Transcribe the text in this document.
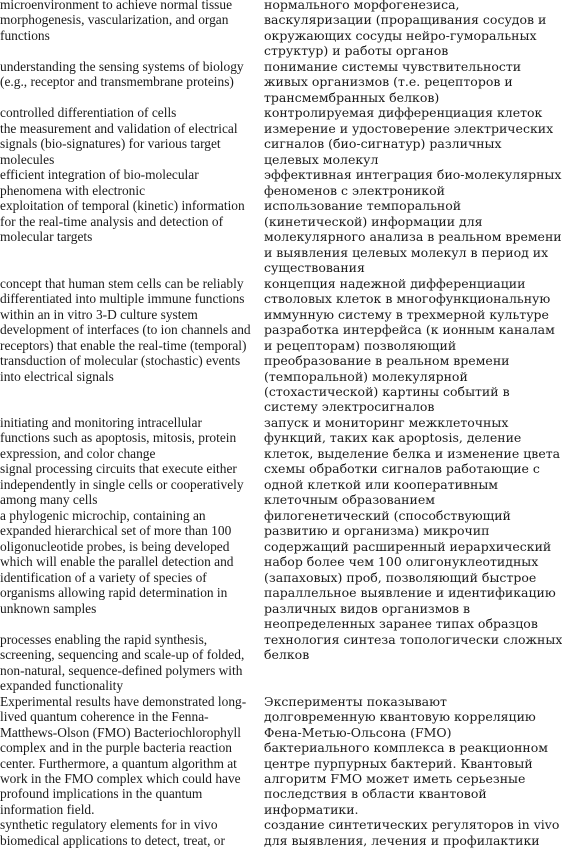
microenvironment to achieve normal tissue
morphogenesis, vascularization, and organ
functions
understanding the sensing systems of biology
(e.g., receptor and transmembrane proteins)
controlled differentiation of cells
the measurement and validation of electrical
signals (bio-signatures) for various target
molecules
efficient integration of bio-molecular
phenomena with electronic
exploitation of temporal (kinetic) information
for the real-time analysis and detection of
molecular targets
concept that human stem cells can be reliably
differentiated into multiple immune functions
within an in vitro 3-D culture system
development of interfaces (to ion channels and
receptors) that enable the real-time (temporal)
transduction of molecular (stochastic) events
into electrical signals
initiating and monitoring intracellular
functions such as apoptosis, mitosis, protein
expression, and color change
signal processing circuits that execute either
independently in single cells or cooperatively
among many cells
a phylogenic microchip, containing an
expanded hierarchical set of more than 100
oligonucleotide probes, is being developed
which will enable the parallel detection and
identification of a variety of species of
organisms allowing rapid determination in
unknown samples
processes enabling the rapid synthesis,
screening, sequencing and scale-up of folded,
non-natural, sequence-defined polymers with
expanded functionality
Experimental results have demonstrated long-
lived quantum coherence in the Fenna-
Matthews-Olson (FMO) Bacteriochlorophyll
complex and in the purple bacteria reaction
center. Furthermore, a quantum algorithm at
work in the FMO complex which could have
profound implications in the quantum
information field.
synthetic regulatory elements for in vivo
biomedical applications to detect, treat, or
нормального морфогенезиса,
васкуляризации (проращивания сосудов и
окружающих сосуды нейро-гуморальных
структур) и работы органов
понимание системы чувствительности
живых организмов (т.е. рецепторов и
трансмембранных белков)
контролируемая дифференциация клеток
измерение и удостоверение электрических
сигналов (био-сигнатур) различных
целевых молекул
эффективная интеграция био-молекулярных
феноменов с электроникой
использование темпоральной
(кинетической) информации для
молекулярного анализа в реальном времени
и выявления целевых молекул в период их
существования
концепция надежной дифференциации
стволовых клеток в многофункциональную
иммунную систему в трехмерной культуре
разработка интерфейса (к ионным каналам
и рецепторам) позволяющий
преобразование в реальном времени
(темпоральной) молекулярной
(стохастической) картины событий в
систему электросигналов
запуск и мониторинг межклеточных
функций, таких как apoptosis, деление
клеток, выделение белка и изменение цвета
схемы обработки сигналов работающие с
одной клеткой или кооперативным
клеточным образованием
филогенетический (способствующий
развитию и организма) микрочип
содержащий расширенный иерархический
набор более чем 100 олигонуклеотидных
(запаховых) проб, позволяющий быстрое
параллельное выявление и идентификацию
различных видов организмов в
неопределенных заранее типах образцов
технология синтеза топологически сложных
белков
Эксперименты показывают
долговременную квантовую корреляцию
Фена-Метью-Ольсона (FMO)
бактериального комплекса в реакционном
центре пурпурных бактерий. Квантовый
алгоритм FMO может иметь серьезные
последствия в области квантовой
информатики.
создание синтетических регуляторов in vivo
для выявления, лечения и профилактики
